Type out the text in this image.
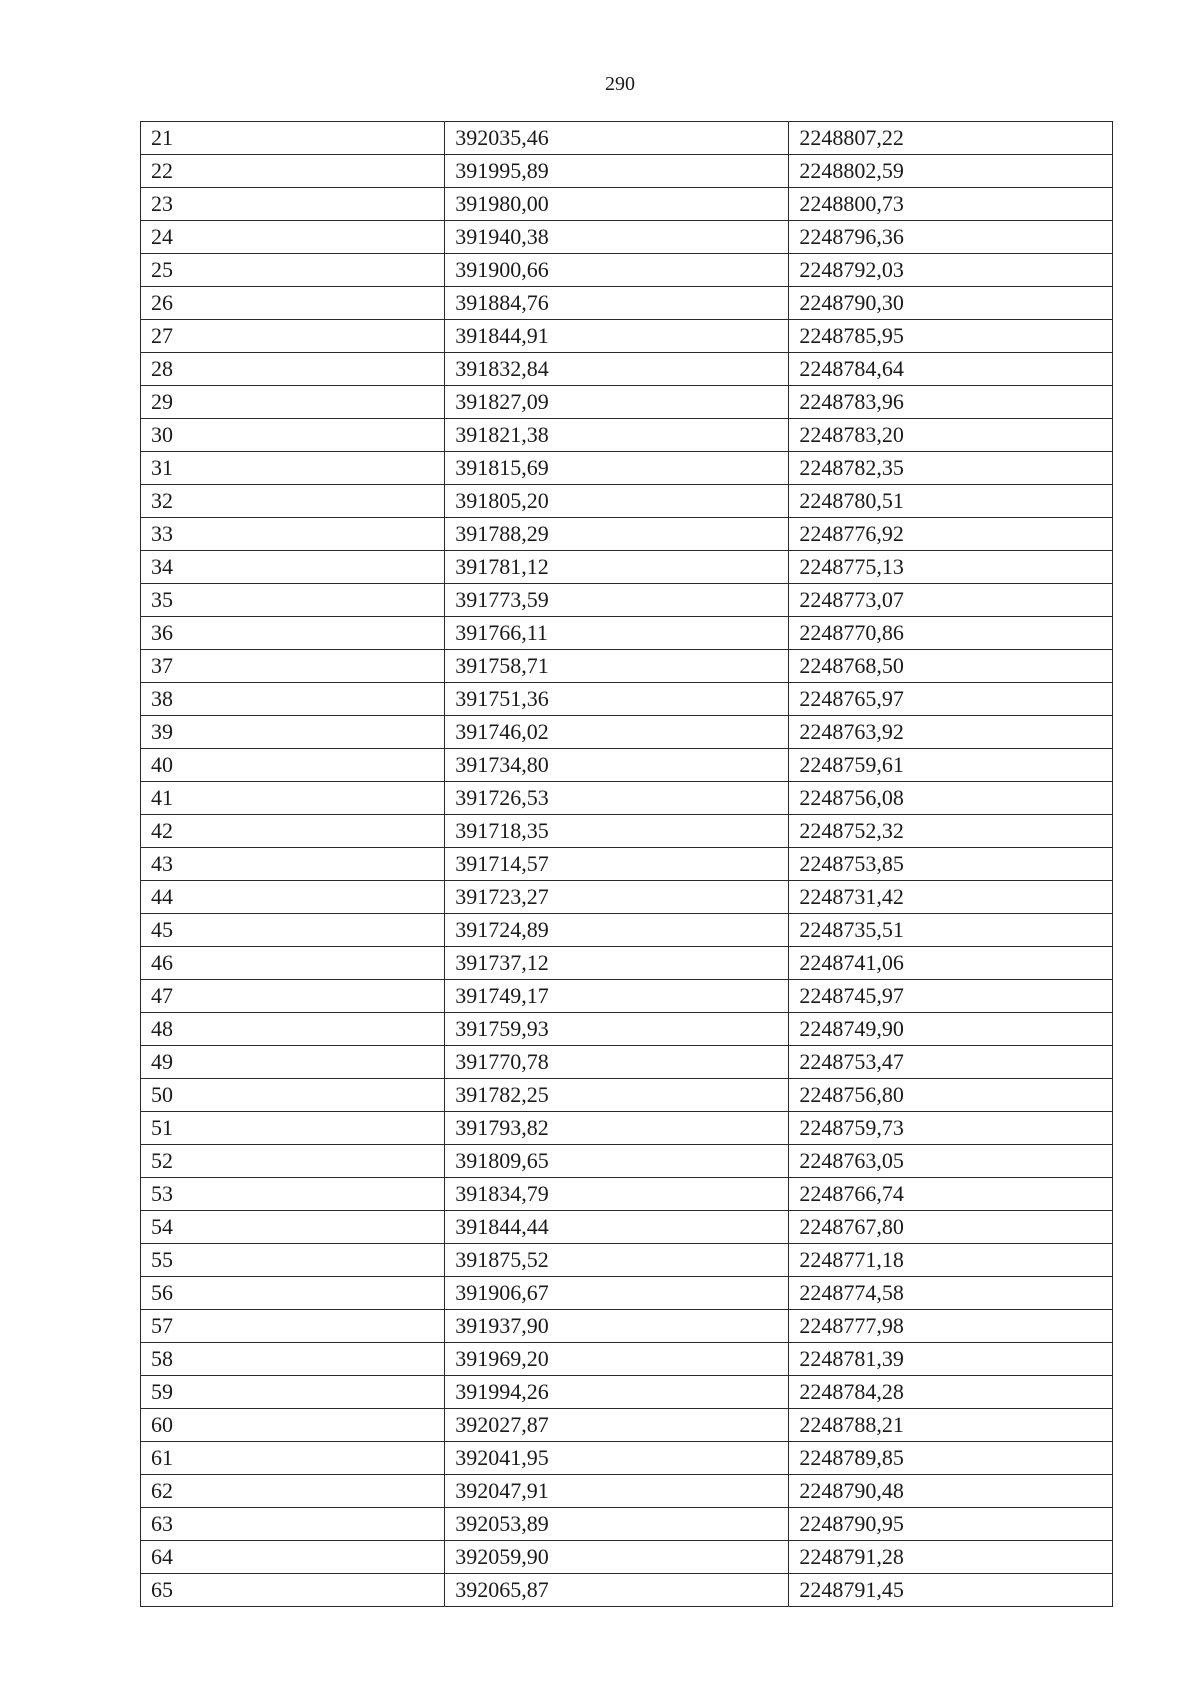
290
21	392035,46	2248807,22
22	391995,89	2248802,59
23	391980,00	2248800,73
24	391940,38	2248796,36
25	391900,66	2248792,03
26	391884,76	2248790,30
27	391844,91	2248785,95
28	391832,84	2248784,64
29	391827,09	2248783,96
30	391821,38	2248783,20
31	391815,69	2248782,35
32	391805,20	2248780,51
33	391788,29	2248776,92
34	391781,12	2248775,13
35	391773,59	2248773,07
36	391766,11	2248770,86
37	391758,71	2248768,50
38	391751,36	2248765,97
39	391746,02	2248763,92
40	391734,80	2248759,61
41	391726,53	2248756,08
42	391718,35	2248752,32
43	391714,57	2248753,85
44	391723,27	2248731,42
45	391724,89	2248735,51
46	391737,12	2248741,06
47	391749,17	2248745,97
48	391759,93	2248749,90
49	391770,78	2248753,47
50	391782,25	2248756,80
51	391793,82	2248759,73
52	391809,65	2248763,05
53	391834,79	2248766,74
54	391844,44	2248767,80
55	391875,52	2248771,18
56	391906,67	2248774,58
57	391937,90	2248777,98
58	391969,20	2248781,39
59	391994,26	2248784,28
60	392027,87	2248788,21
61	392041,95	2248789,85
62	392047,91	2248790,48
63	392053,89	2248790,95
64	392059,90	2248791,28
65	392065,87	2248791,45
